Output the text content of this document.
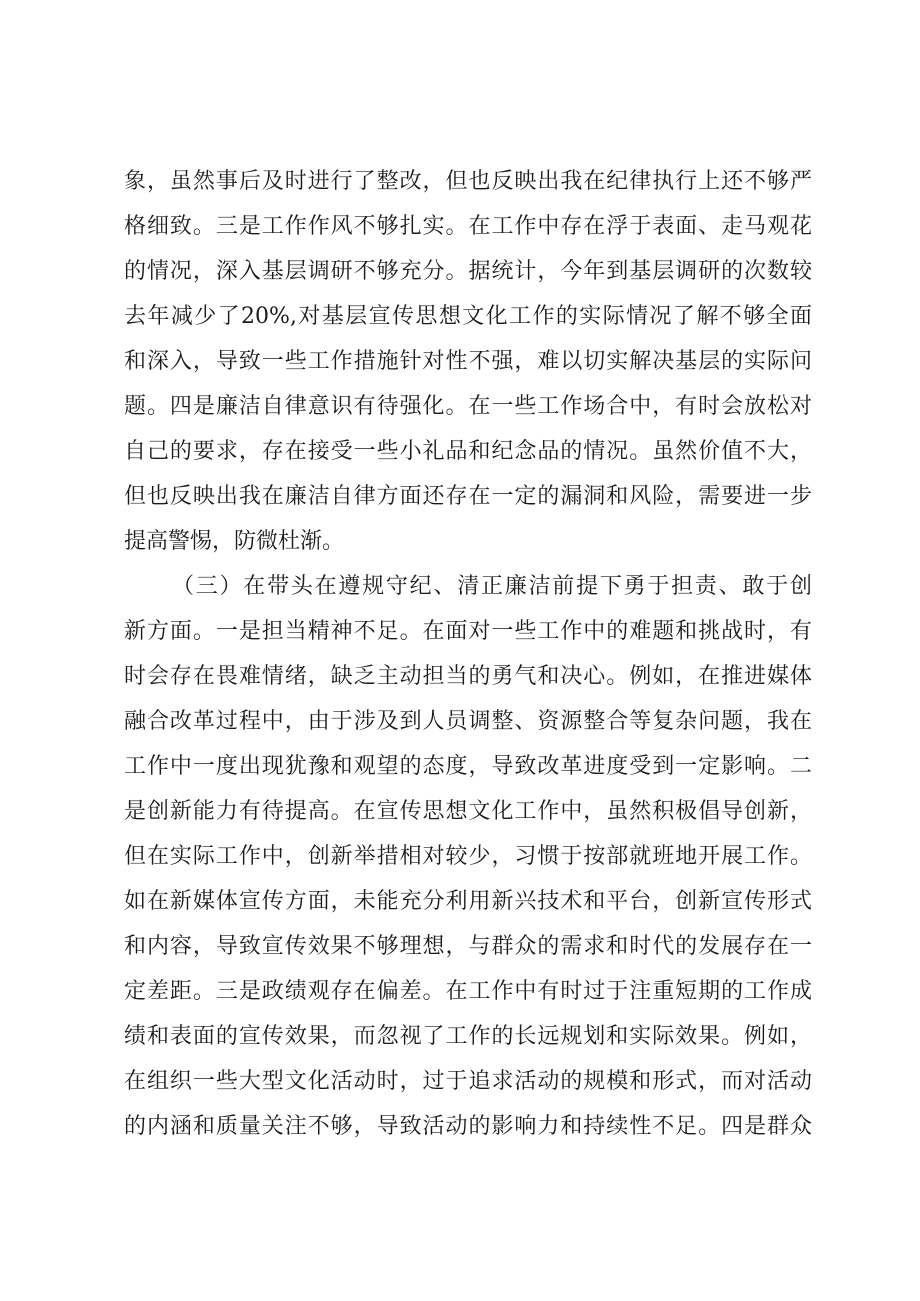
象，虽然事后及时进行了整改，但也反映出我在纪律执行上还不够严
格细致。三是工作作风不够扎实。在工作中存在浮于表面、走马观花
的情况，深入基层调研不够充分。据统计，今年到基层调研的次数较
去年减少了20%,对基层宣传思想文化工作的实际情况了解不够全面
和深入，导致一些工作措施针对性不强，难以切实解决基层的实际问
题。四是廉洁自律意识有待强化。在一些工作场合中，有时会放松对
自己的要求，存在接受一些小礼品和纪念品的情况。虽然价值不大，
但也反映出我在廉洁自律方面还存在一定的漏洞和风险，需要进一步
提高警惕，防微杜渐。
（三）在带头在遵规守纪、清正廉洁前提下勇于担责、敢于创
新方面。一是担当精神不足。在面对一些工作中的难题和挑战时，有
时会存在畏难情绪，缺乏主动担当的勇气和决心。例如，在推进媒体
融合改革过程中，由于涉及到人员调整、资源整合等复杂问题，我在
工作中一度出现犹豫和观望的态度，导致改革进度受到一定影响。二
是创新能力有待提高。在宣传思想文化工作中，虽然积极倡导创新，
但在实际工作中，创新举措相对较少，习惯于按部就班地开展工作。
如在新媒体宣传方面，未能充分利用新兴技术和平台，创新宣传形式
和内容，导致宣传效果不够理想，与群众的需求和时代的发展存在一
定差距。三是政绩观存在偏差。在工作中有时过于注重短期的工作成
绩和表面的宣传效果，而忽视了工作的长远规划和实际效果。例如，
在组织一些大型文化活动时，过于追求活动的规模和形式，而对活动
的内涵和质量关注不够，导致活动的影响力和持续性不足。四是群众
